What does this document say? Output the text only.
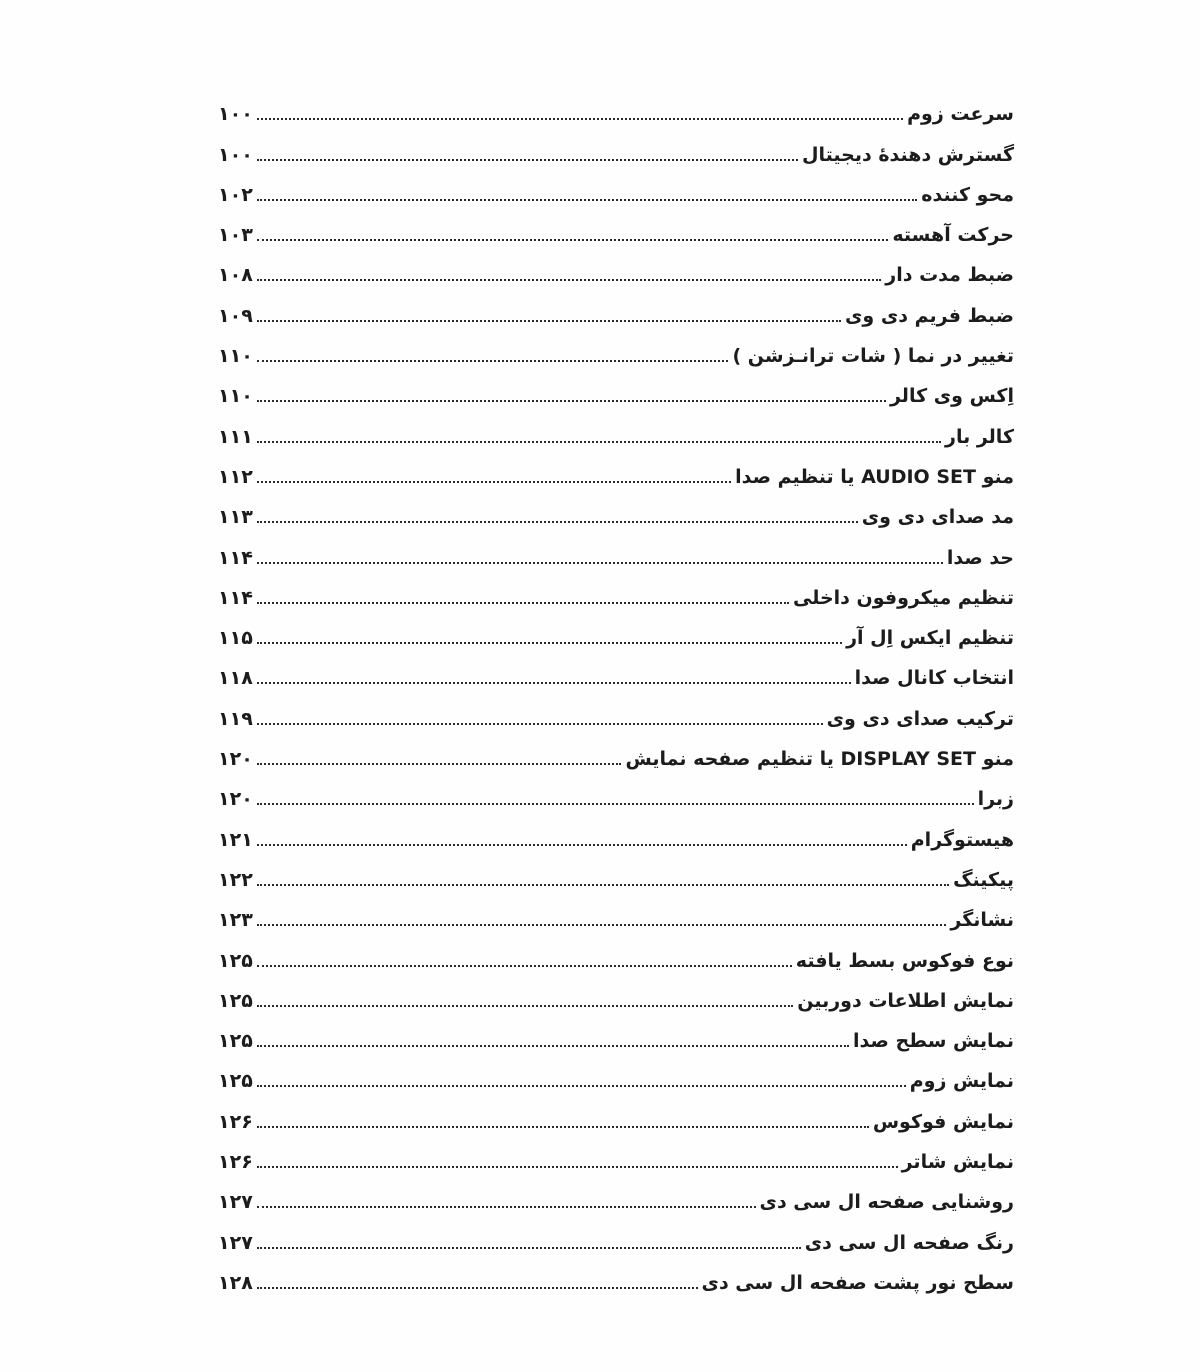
سرعت زوم
۱۰۰
گسترش دهندهٔ دیجیتال
۱۰۰
محو کننده
۱۰۲
حرکت آهسته
۱۰۳
ضبط مدت دار
۱۰۸
ضبط فریم دی وی
۱۰۹
تغییر در نما ( شات ترانـزشن )
۱۱۰
اِکس وی کالر
۱۱۰
کالر بار
۱۱۱
منو AUDIO SET یا تنظیم صدا
۱۱۲
مد صدای دی وی
۱۱۳
حد صدا
۱۱۴
تنظیم میکروفون داخلی
۱۱۴
تنظیم ایکس اِل آر
۱۱۵
انتخاب کانال صدا
۱۱۸
ترکیب صدای دی وی
۱۱۹
منو DISPLAY SET یا تنظیم صفحه نمایش
۱۲۰
زبرا
۱۲۰
هیستوگرام
۱۲۱
پیکینگ
۱۲۲
نشانگر
۱۲۳
نوع فوکوس بسط یافته
۱۲۵
نمایش اطلاعات دوربین
۱۲۵
نمایش سطح صدا
۱۲۵
نمایش زوم
۱۲۵
نمایش فوکوس
۱۲۶
نمایش شاتر
۱۲۶
روشنایی صفحه ال سی دی
۱۲۷
رنگ صفحه ال سی دی
۱۲۷
سطح نور پشت صفحه ال سی دی
۱۲۸
